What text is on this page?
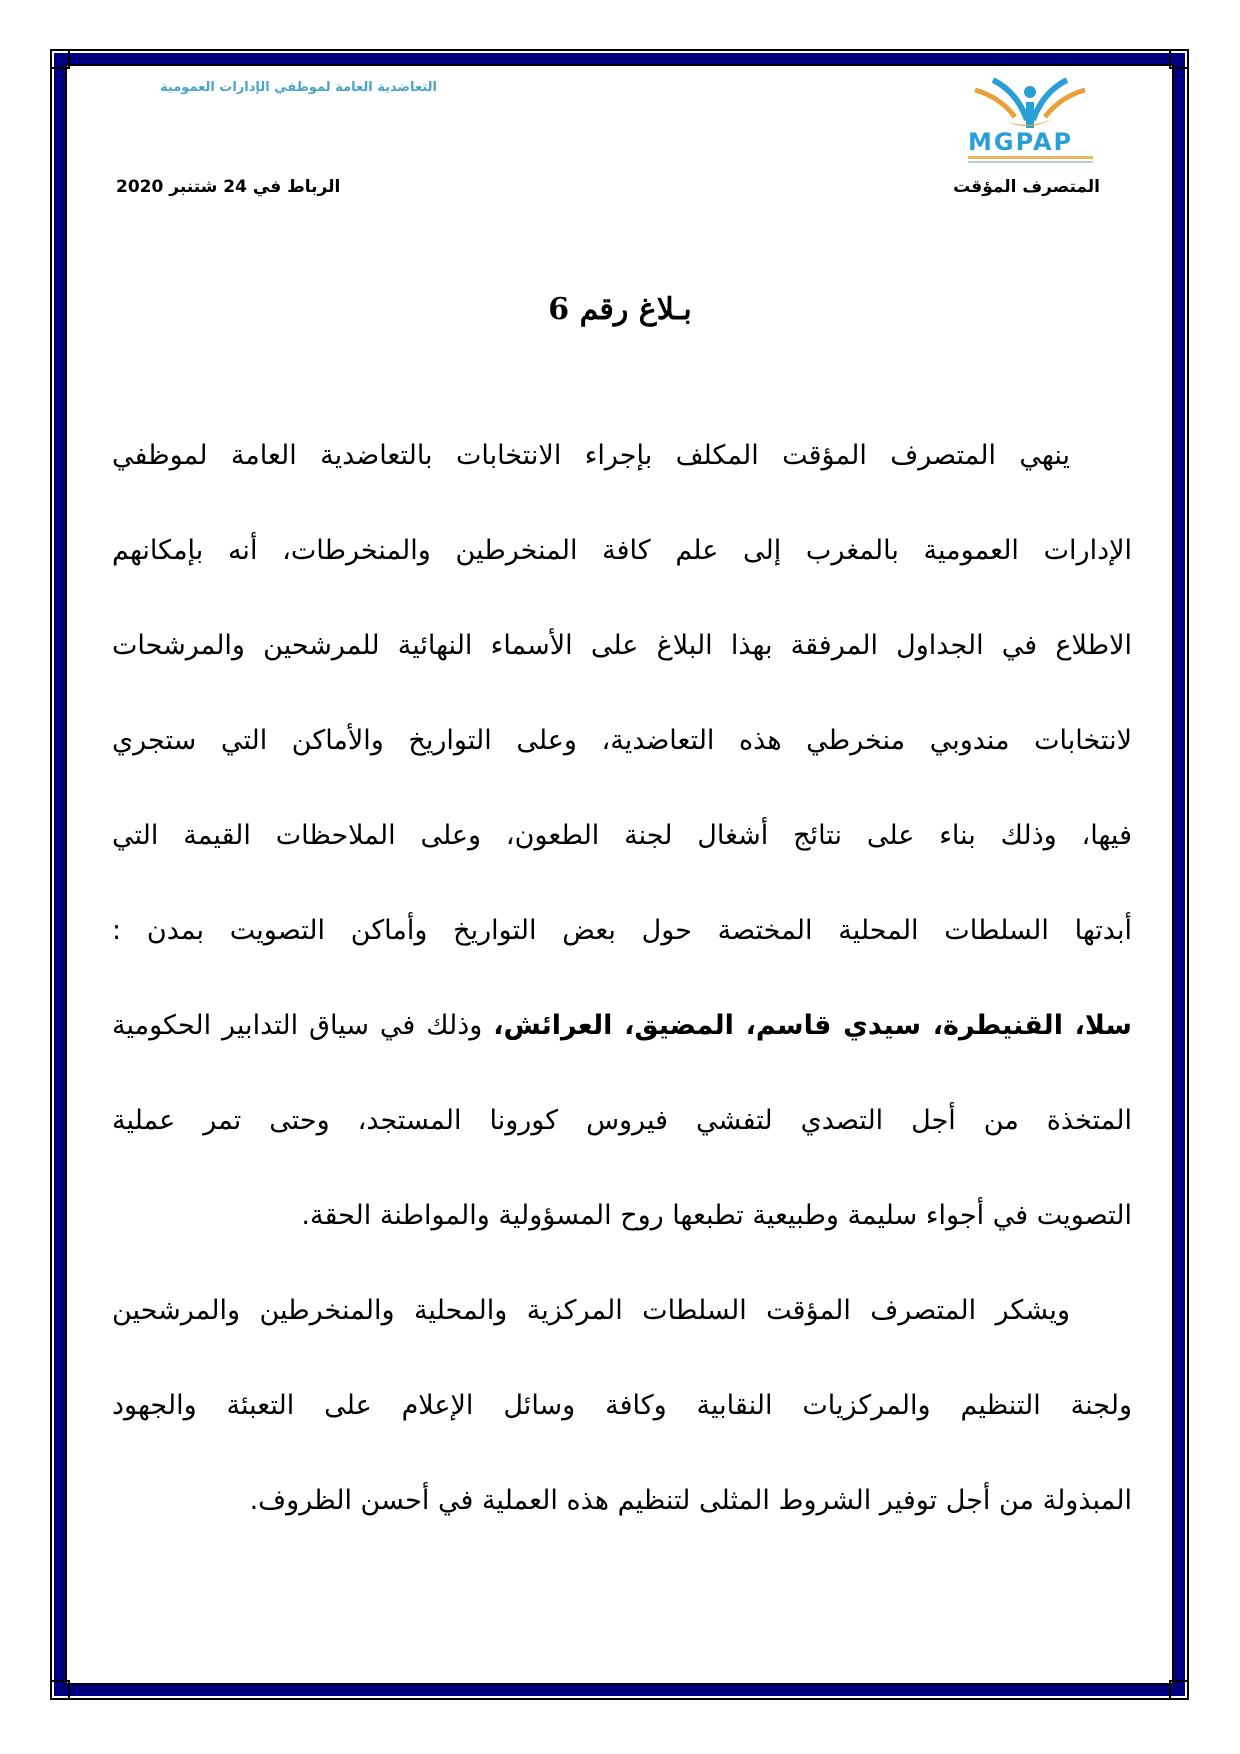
التعاضدية العامة لموظفي الإدارات العمومية
MGPAP
المتصرف المؤقت
الرباط في 24 شتنبر 2020
بـلاغ رقم 6
ينهي المتصرف المؤقت المكلف بإجراء الانتخابات بالتعاضدية العامة لموظفي
الإدارات العمومية بالمغرب إلى علم كافة المنخرطين والمنخرطات، أنه بإمكانهم
الاطلاع في الجداول المرفقة بهذا البلاغ على الأسماء النهائية للمرشحين والمرشحات
لانتخابات مندوبي منخرطي هذه التعاضدية، وعلى التواريخ والأماكن التي ستجري
فيها، وذلك بناء على نتائج أشغال لجنة الطعون، وعلى الملاحظات القيمة التي
أبدتها السلطات المحلية المختصة حول بعض التواريخ وأماكن التصويت بمدن :
سلا، القنيطرة، سيدي قاسم، المضيق، العرائش، وذلك في سياق التدابير الحكومية
المتخذة من أجل التصدي لتفشي فيروس كورونا المستجد، وحتى تمر عملية
التصويت في أجواء سليمة وطبيعية تطبعها روح المسؤولية والمواطنة الحقة.
ويشكر المتصرف المؤقت السلطات المركزية والمحلية والمنخرطين والمرشحين
ولجنة التنظيم والمركزيات النقابية وكافة وسائل الإعلام على التعبئة والجهود
المبذولة من أجل توفير الشروط المثلى لتنظيم هذه العملية في أحسن الظروف.
